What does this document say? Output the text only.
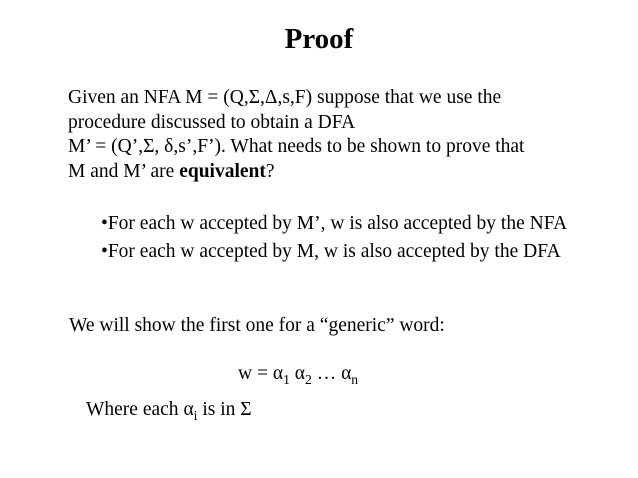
Proof
Given an NFA M = (Q,Σ,Δ,s,F) suppose that we use the
procedure discussed to obtain a DFA
M’ = (Q’,Σ, δ,s’,F’). What needs to be shown to prove that
M and M’ are equivalent?
•For each w accepted by M’, w is also accepted by the NFA
•For each w accepted by M, w is also accepted by the DFA
We will show the first one for a “generic” word:
$w = \alpha_1$ $\alpha_2$ … $\alpha_n$
Where each $\alpha_i$ is in Σ
